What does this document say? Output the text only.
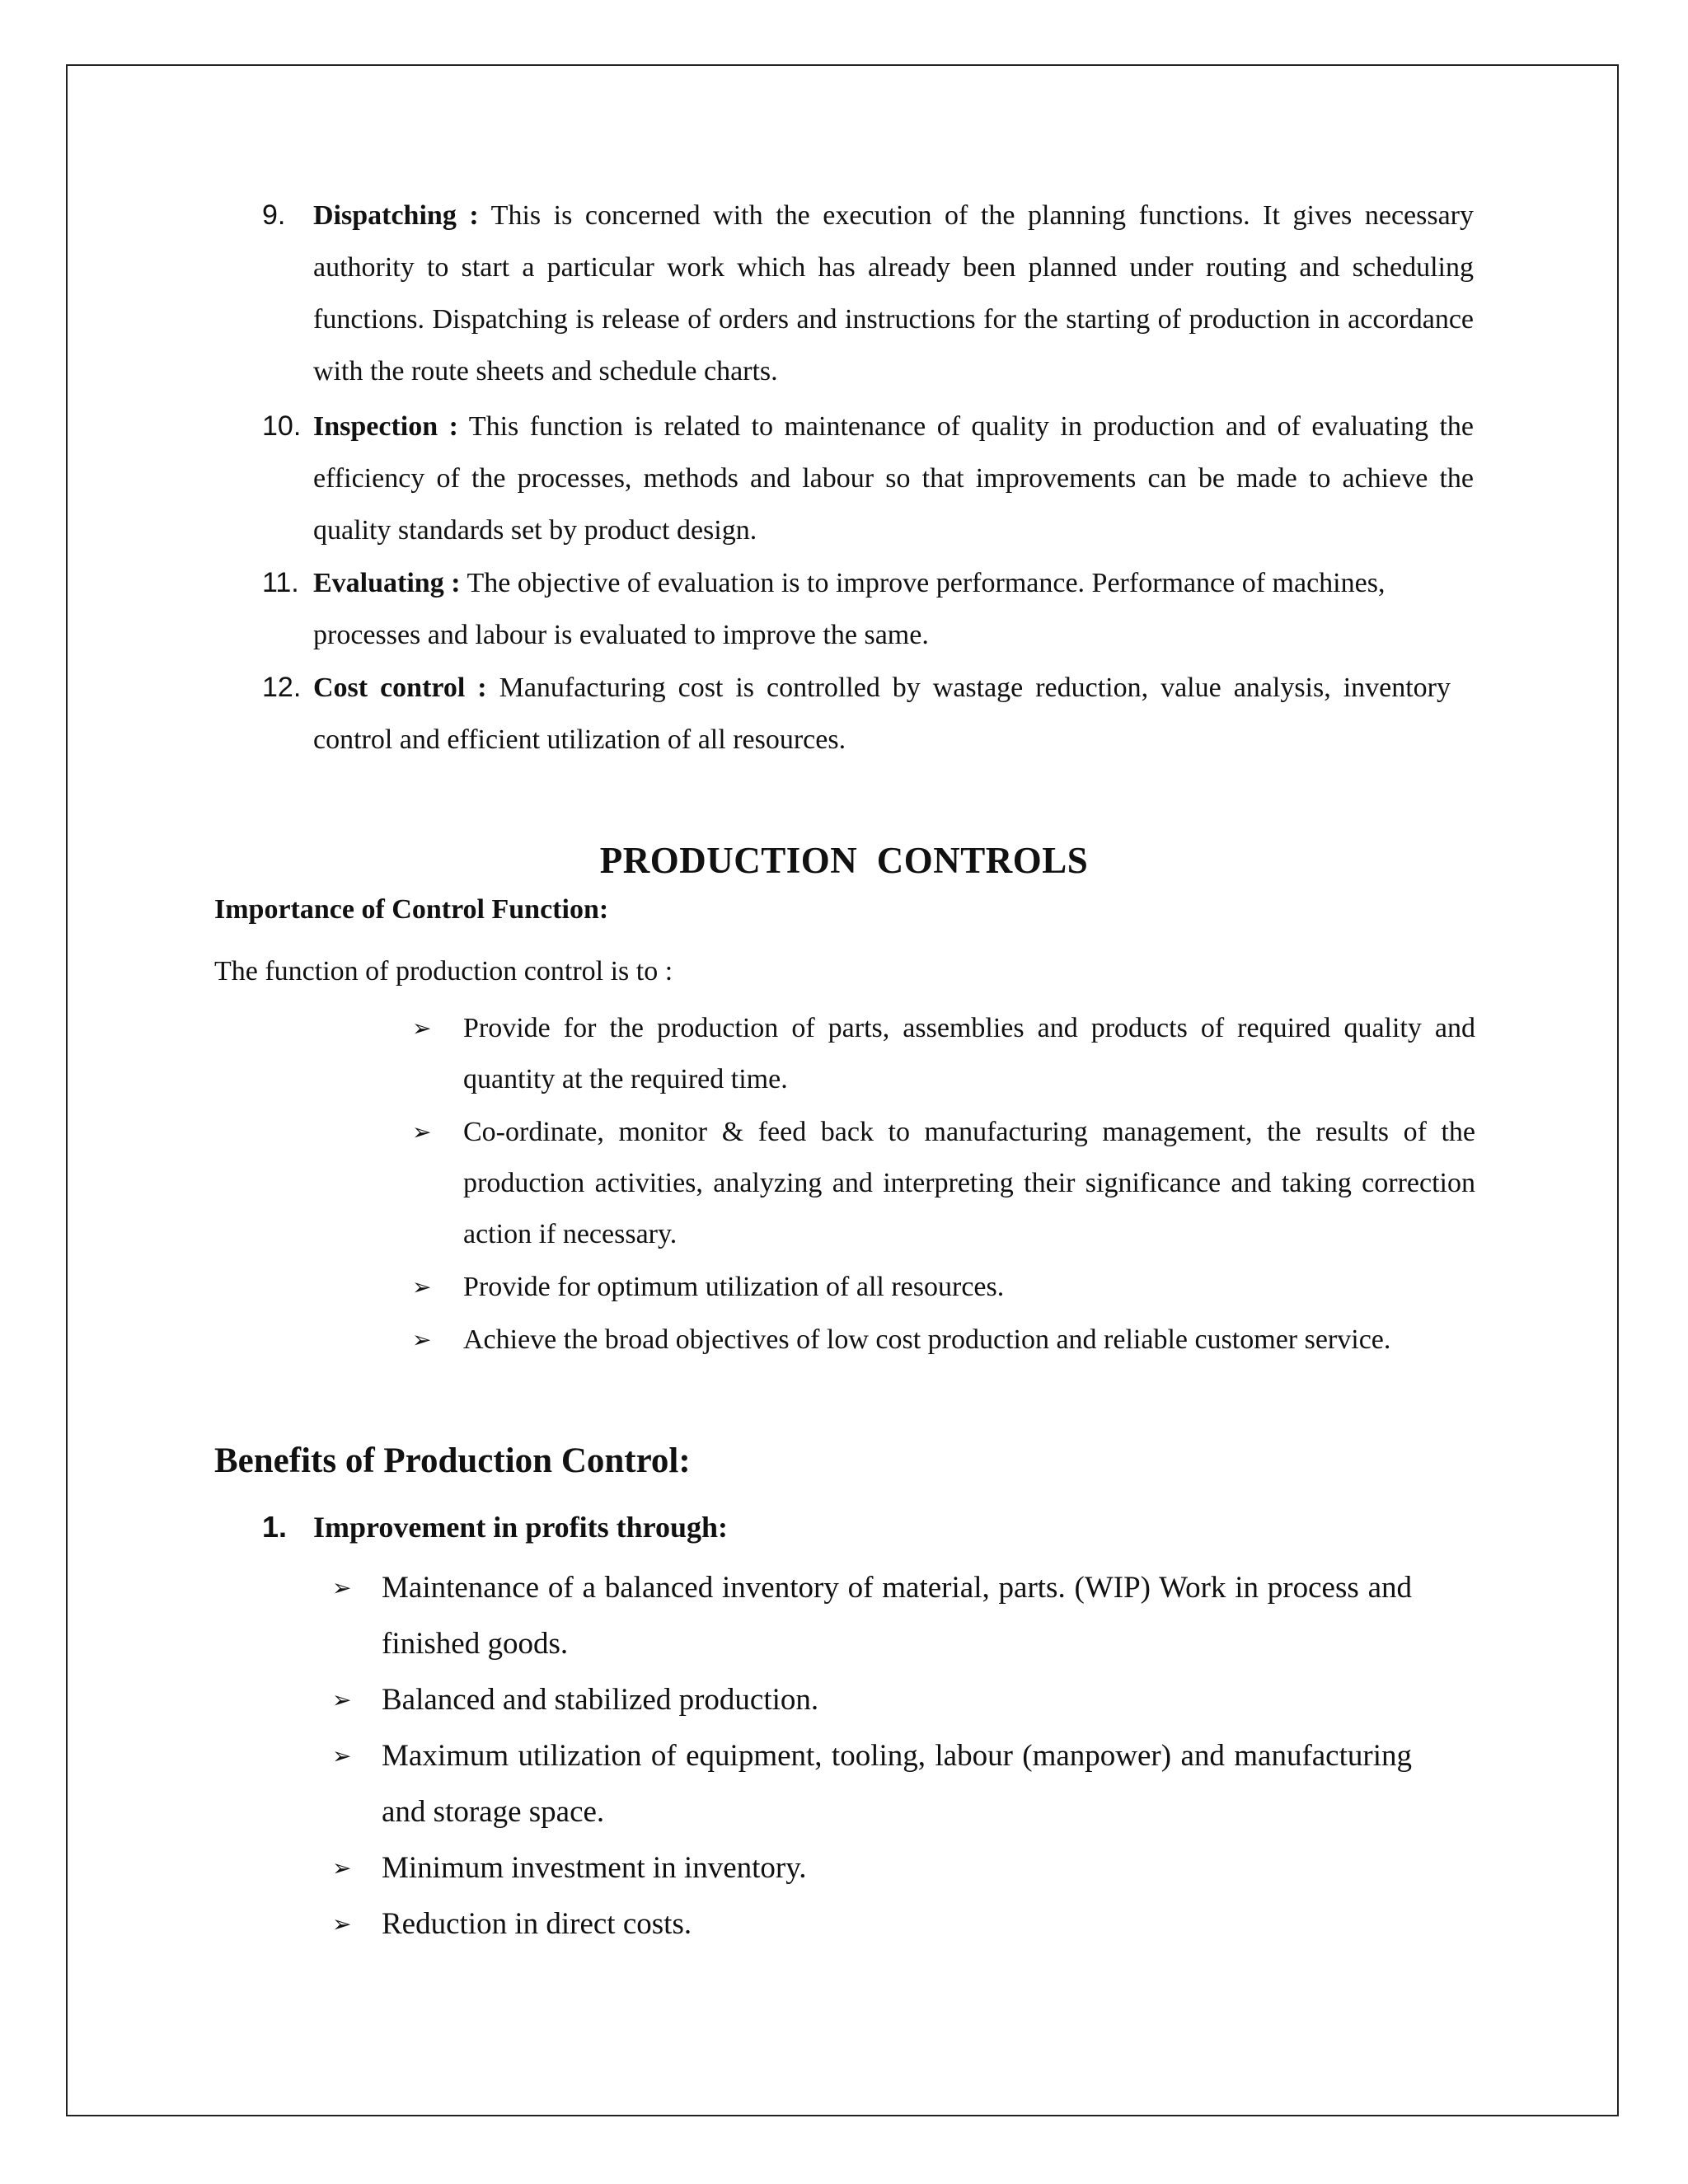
9. Dispatching : This is concerned with the execution of the planning functions. It gives necessary authority to start a particular work which has already been planned under routing and scheduling functions. Dispatching is release of orders and instructions for the starting of production in accordance with the route sheets and schedule charts.

10. Inspection : This function is related to maintenance of quality in production and of evaluating the efficiency of the processes, methods and labour so that improvements can be made to achieve the quality standards set by product design.

11. Evaluating : The objective of evaluation is to improve performance. Performance of machines, processes and labour is evaluated to improve the same.

12. Cost control : Manufacturing cost is controlled by wastage reduction, value analysis, inventory control and efficient utilization of all resources.

PRODUCTION  CONTROLS
Importance of Control Function:

The function of production control is to :

➢ Provide for the production of parts, assemblies and products of required quality and quantity at the required time.
➢ Co-ordinate, monitor & feed back to manufacturing management, the results of the production activities, analyzing and interpreting their significance and taking correction action if necessary.
➢ Provide for optimum utilization of all resources.
➢ Achieve the broad objectives of low cost production and reliable customer service.
Benefits of Production Control:
1. Improvement in profits through:
➢ Maintenance of a balanced inventory of material, parts. (WIP) Work in process and finished goods.
➢ Balanced and stabilized production.
➢ Maximum utilization of equipment, tooling, labour (manpower) and manufacturing and storage space.
➢ Minimum investment in inventory.
➢ Reduction in direct costs.
